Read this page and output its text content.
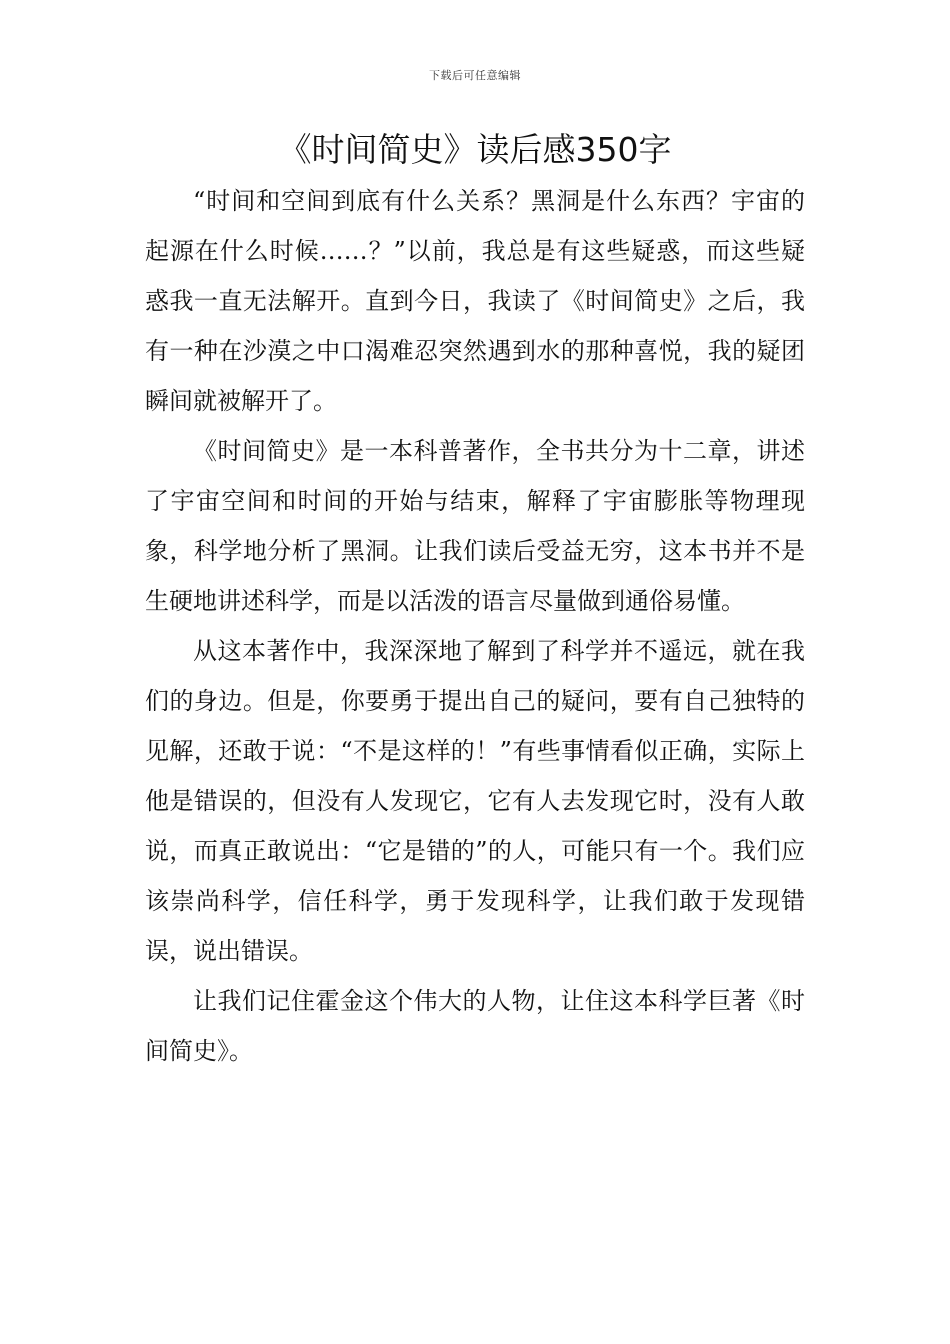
下载后可任意编辑
《时间简史》读后感350字

“时间和空间到底有什么关系？黑洞是什么东西？宇宙的起源在什么时候……？”以前，我总是有这些疑惑，而这些疑惑我一直无法解开。直到今日，我读了《时间简史》之后，我有一种在沙漠之中口渴难忍突然遇到水的那种喜悦，我的疑团瞬间就被解开了。

《时间简史》是一本科普著作，全书共分为十二章，讲述了宇宙空间和时间的开始与结束，解释了宇宙膨胀等物理现象，科学地分析了黑洞。让我们读后受益无穷，这本书并不是生硬地讲述科学，而是以活泼的语言尽量做到通俗易懂。

从这本著作中，我深深地了解到了科学并不遥远，就在我们的身边。但是，你要勇于提出自己的疑问，要有自己独特的见解，还敢于说：“不是这样的！”有些事情看似正确，实际上他是错误的，但没有人发现它，它有人去发现它时，没有人敢说，而真正敢说出：“它是错的”的人，可能只有一个。我们应该崇尚科学，信任科学，勇于发现科学，让我们敢于发现错误，说出错误。

让我们记住霍金这个伟大的人物，让住这本科学巨著《时间简史》。
